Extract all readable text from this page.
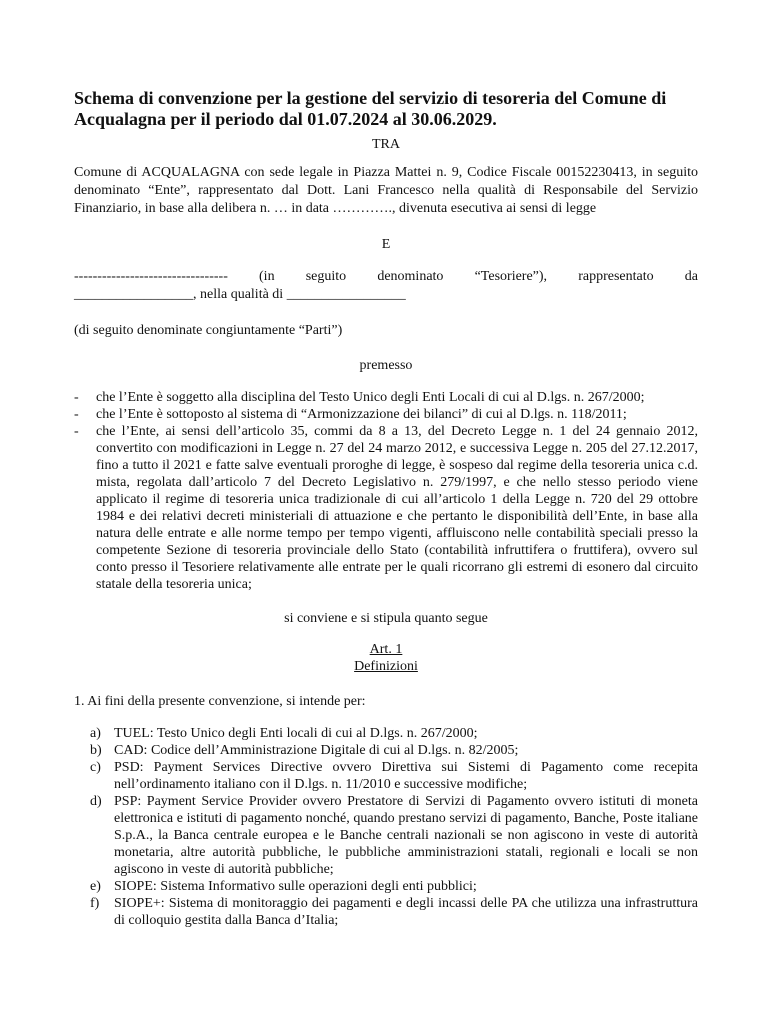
Schema di convenzione per la gestione del servizio di tesoreria del Comune di Acqualagna per il periodo dal 01.07.2024 al 30.06.2029.

TRA

Comune di ACQUALAGNA con sede legale in Piazza Mattei n. 9, Codice Fiscale 00152230413, in seguito denominato “Ente”, rappresentato dal Dott. Lani Francesco nella qualità di Responsabile del Servizio Finanziario, in base alla delibera n. … in data …………., divenuta esecutiva ai sensi di legge

E

--------------------------------- (in seguito denominato “Tesoriere”), rappresentato da

_________________, nella qualità di _________________

(di seguito denominate congiuntamente “Parti”)

premesso

- che l’Ente è soggetto alla disciplina del Testo Unico degli Enti Locali di cui al D.lgs. n. 267/2000;
- che l’Ente è sottoposto al sistema di “Armonizzazione dei bilanci” di cui al D.lgs. n. 118/2011;
- che l’Ente, ai sensi dell’articolo 35, commi da 8 a 13, del Decreto Legge n. 1 del 24 gennaio 2012, convertito con modificazioni in Legge n. 27 del 24 marzo 2012, e successiva Legge n. 205 del 27.12.2017, fino a tutto il 2021 e fatte salve eventuali proroghe di legge, è sospeso dal regime della tesoreria unica c.d. mista, regolata dall’articolo 7 del Decreto Legislativo n. 279/1997, e che nello stesso periodo viene applicato il regime di tesoreria unica tradizionale di cui all’articolo 1 della Legge n. 720 del 29 ottobre 1984 e dei relativi decreti ministeriali di attuazione e che pertanto le disponibilità dell’Ente, in base alla natura delle entrate e alle norme tempo per tempo vigenti, affluiscono nelle contabilità speciali presso la competente Sezione di tesoreria provinciale dello Stato (contabilità infruttifera o fruttifera), ovvero sul conto presso il Tesoriere relativamente alle entrate per le quali ricorrano gli estremi di esonero dal circuito statale della tesoreria unica;

si conviene e si stipula quanto segue

Art. 1

Definizioni

1. Ai fini della presente convenzione, si intende per:

a) TUEL: Testo Unico degli Enti locali di cui al D.lgs. n. 267/2000;
b) CAD: Codice dell’Amministrazione Digitale di cui al D.lgs. n. 82/2005;
c) PSD: Payment Services Directive ovvero Direttiva sui Sistemi di Pagamento come recepita nell’ordinamento italiano con il D.lgs. n. 11/2010 e successive modifiche;
d) PSP: Payment Service Provider ovvero Prestatore di Servizi di Pagamento ovvero istituti di moneta elettronica e istituti di pagamento nonché, quando prestano servizi di pagamento, Banche, Poste italiane S.p.A., la Banca centrale europea e le Banche centrali nazionali se non agiscono in veste di autorità monetaria, altre autorità pubbliche, le pubbliche amministrazioni statali, regionali e locali se non agiscono in veste di autorità pubbliche;
e) SIOPE: Sistema Informativo sulle operazioni degli enti pubblici;
f) SIOPE+: Sistema di monitoraggio dei pagamenti e degli incassi delle PA che utilizza una infrastruttura di colloquio gestita dalla Banca d’Italia;
